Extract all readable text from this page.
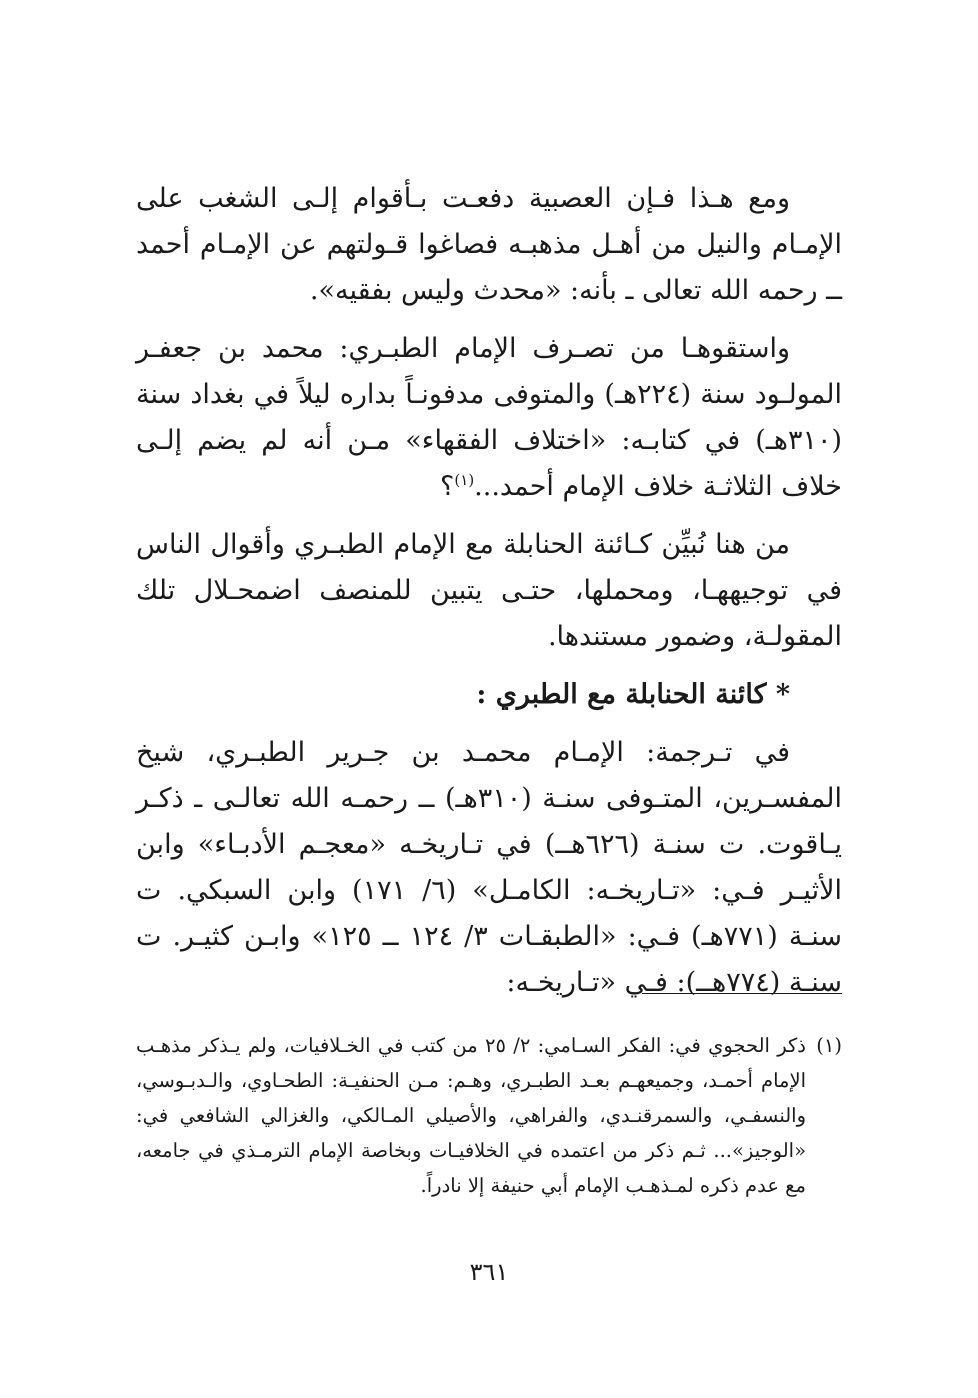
ومع هـذا فـإن العصبية دفعـت بـأقوام إلـى الشغب على الإمـام والنيل من أهـل مذهبـه فصاغوا قـولتهم عن الإمـام أحمد ــ رحمه الله تعالى ـ بأنه: «محدث وليس بفقيه».

واستقوهـا من تصـرف الإمام الطبـري: محمد بن جعفـر المولـود سنة (٢٢٤هـ) والمتوفى مدفونـاً بداره ليلاً في بغداد سنة (٣١٠هـ) في كتابـه: «اختلاف الفقهاء» مـن أنه لم يضم إلـى خلاف الثلاثـة خلاف الإمام أحمد...$^{(١)}$؟

من هنا نُبيِّن كـائنة الحنابلة مع الإمام الطبـري وأقوال الناس في توجيههـا، ومحملها، حتـى يتبين للمنصف اضمحـلال تلك المقولـة، وضمور مستندها.

* كائنة الحنابلة مع الطبري :

في تـرجمة: الإمـام محمـد بن جـرير الطبـري، شيخ المفسـرين، المتـوفى سنـة (٣١٠هـ) ــ رحمـه الله تعالـى ـ ذكـر يـاقوت. ت سنـة (٦٢٦هــ) في تـاريخـه «معجـم الأدبـاء» وابن الأثيـر فـي: «تـاريخـه: الكامـل» (٦/ ١٧١) وابن السبكي. ت سنـة (٧٧١هـ) فـي: «الطبقـات ٣/ ١٢٤ ــ ١٢٥» وابـن كثيـر. ت سنـة (٧٧٤هــ): فـي «تـاريخـه:

(١)ذكر الحجوي في: الفكر السـامي: ٢/ ٢٥ من كتب في الخـلافيات، ولم يـذكر مذهـب الإمام أحمـد، وجميعهـم بعـد الطبـري، وهـم: مـن الحنفيـة: الطحـاوي، والـدبـوسي، والنسفـي، والسمرقنـدي، والفراهي، والأصيلي المـالكي، والغزالي الشافعي في: «الوجيز»... ثـم ذكر من اعتمده في الخلافيـات وبخاصة الإمام الترمـذي في جامعه، مع عدم ذكره لمـذهـب الإمام أبي حنيفة إلا نادراً.

٣٦١
